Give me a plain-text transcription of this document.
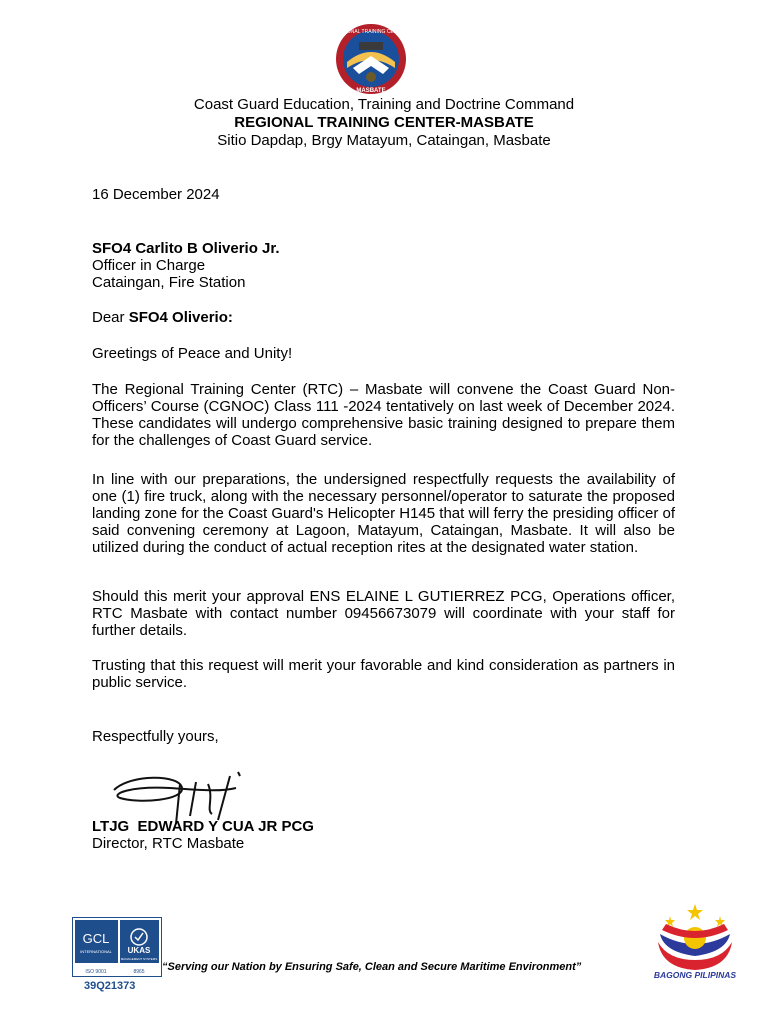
REGIONAL TRAINING CENTER
MASBATE
Coast Guard Education, Training and Doctrine Command
REGIONAL TRAINING CENTER-MASBATE
Sitio Dapdap, Brgy Matayum, Cataingan, Masbate
16 December 2024
SFO4 Carlito B Oliverio Jr.
Officer in Charge
Cataingan, Fire Station
Dear SFO4 Oliverio:
Greetings of Peace and Unity!
The Regional Training Center (RTC) – Masbate will convene the Coast Guard Non-Officers’ Course (CGNOC) Class 111 -2024 tentatively on last week of December 2024. These candidates will undergo comprehensive basic training designed to prepare them for the challenges of Coast Guard service.
In line with our preparations, the undersigned respectfully requests the availability of one (1) fire truck, along with the necessary personnel/operator to saturate the proposed landing zone for the Coast Guard's Helicopter H145 that will ferry the presiding officer of said convening ceremony at Lagoon, Matayum, Cataingan, Masbate. It will also be utilized during the conduct of actual reception rites at the designated water station.
Should this merit your approval ENS ELAINE L GUTIERREZ PCG, Operations officer, RTC Masbate with contact number 09456673079 will coordinate with your staff for further details.
Trusting that this request will merit your favorable and kind consideration as partners in public service.
Respectfully yours,
LTJG  EDWARD Y CUA JR PCG
Director, RTC Masbate
GCL
INTERNATIONAL UKAS
MANAGEMENT SYSTEMS
ISO 9001	8965
39Q21373
“Serving our Nation by Ensuring Safe, Clean and Secure Maritime Environment”
BAGONG PILIPINAS
